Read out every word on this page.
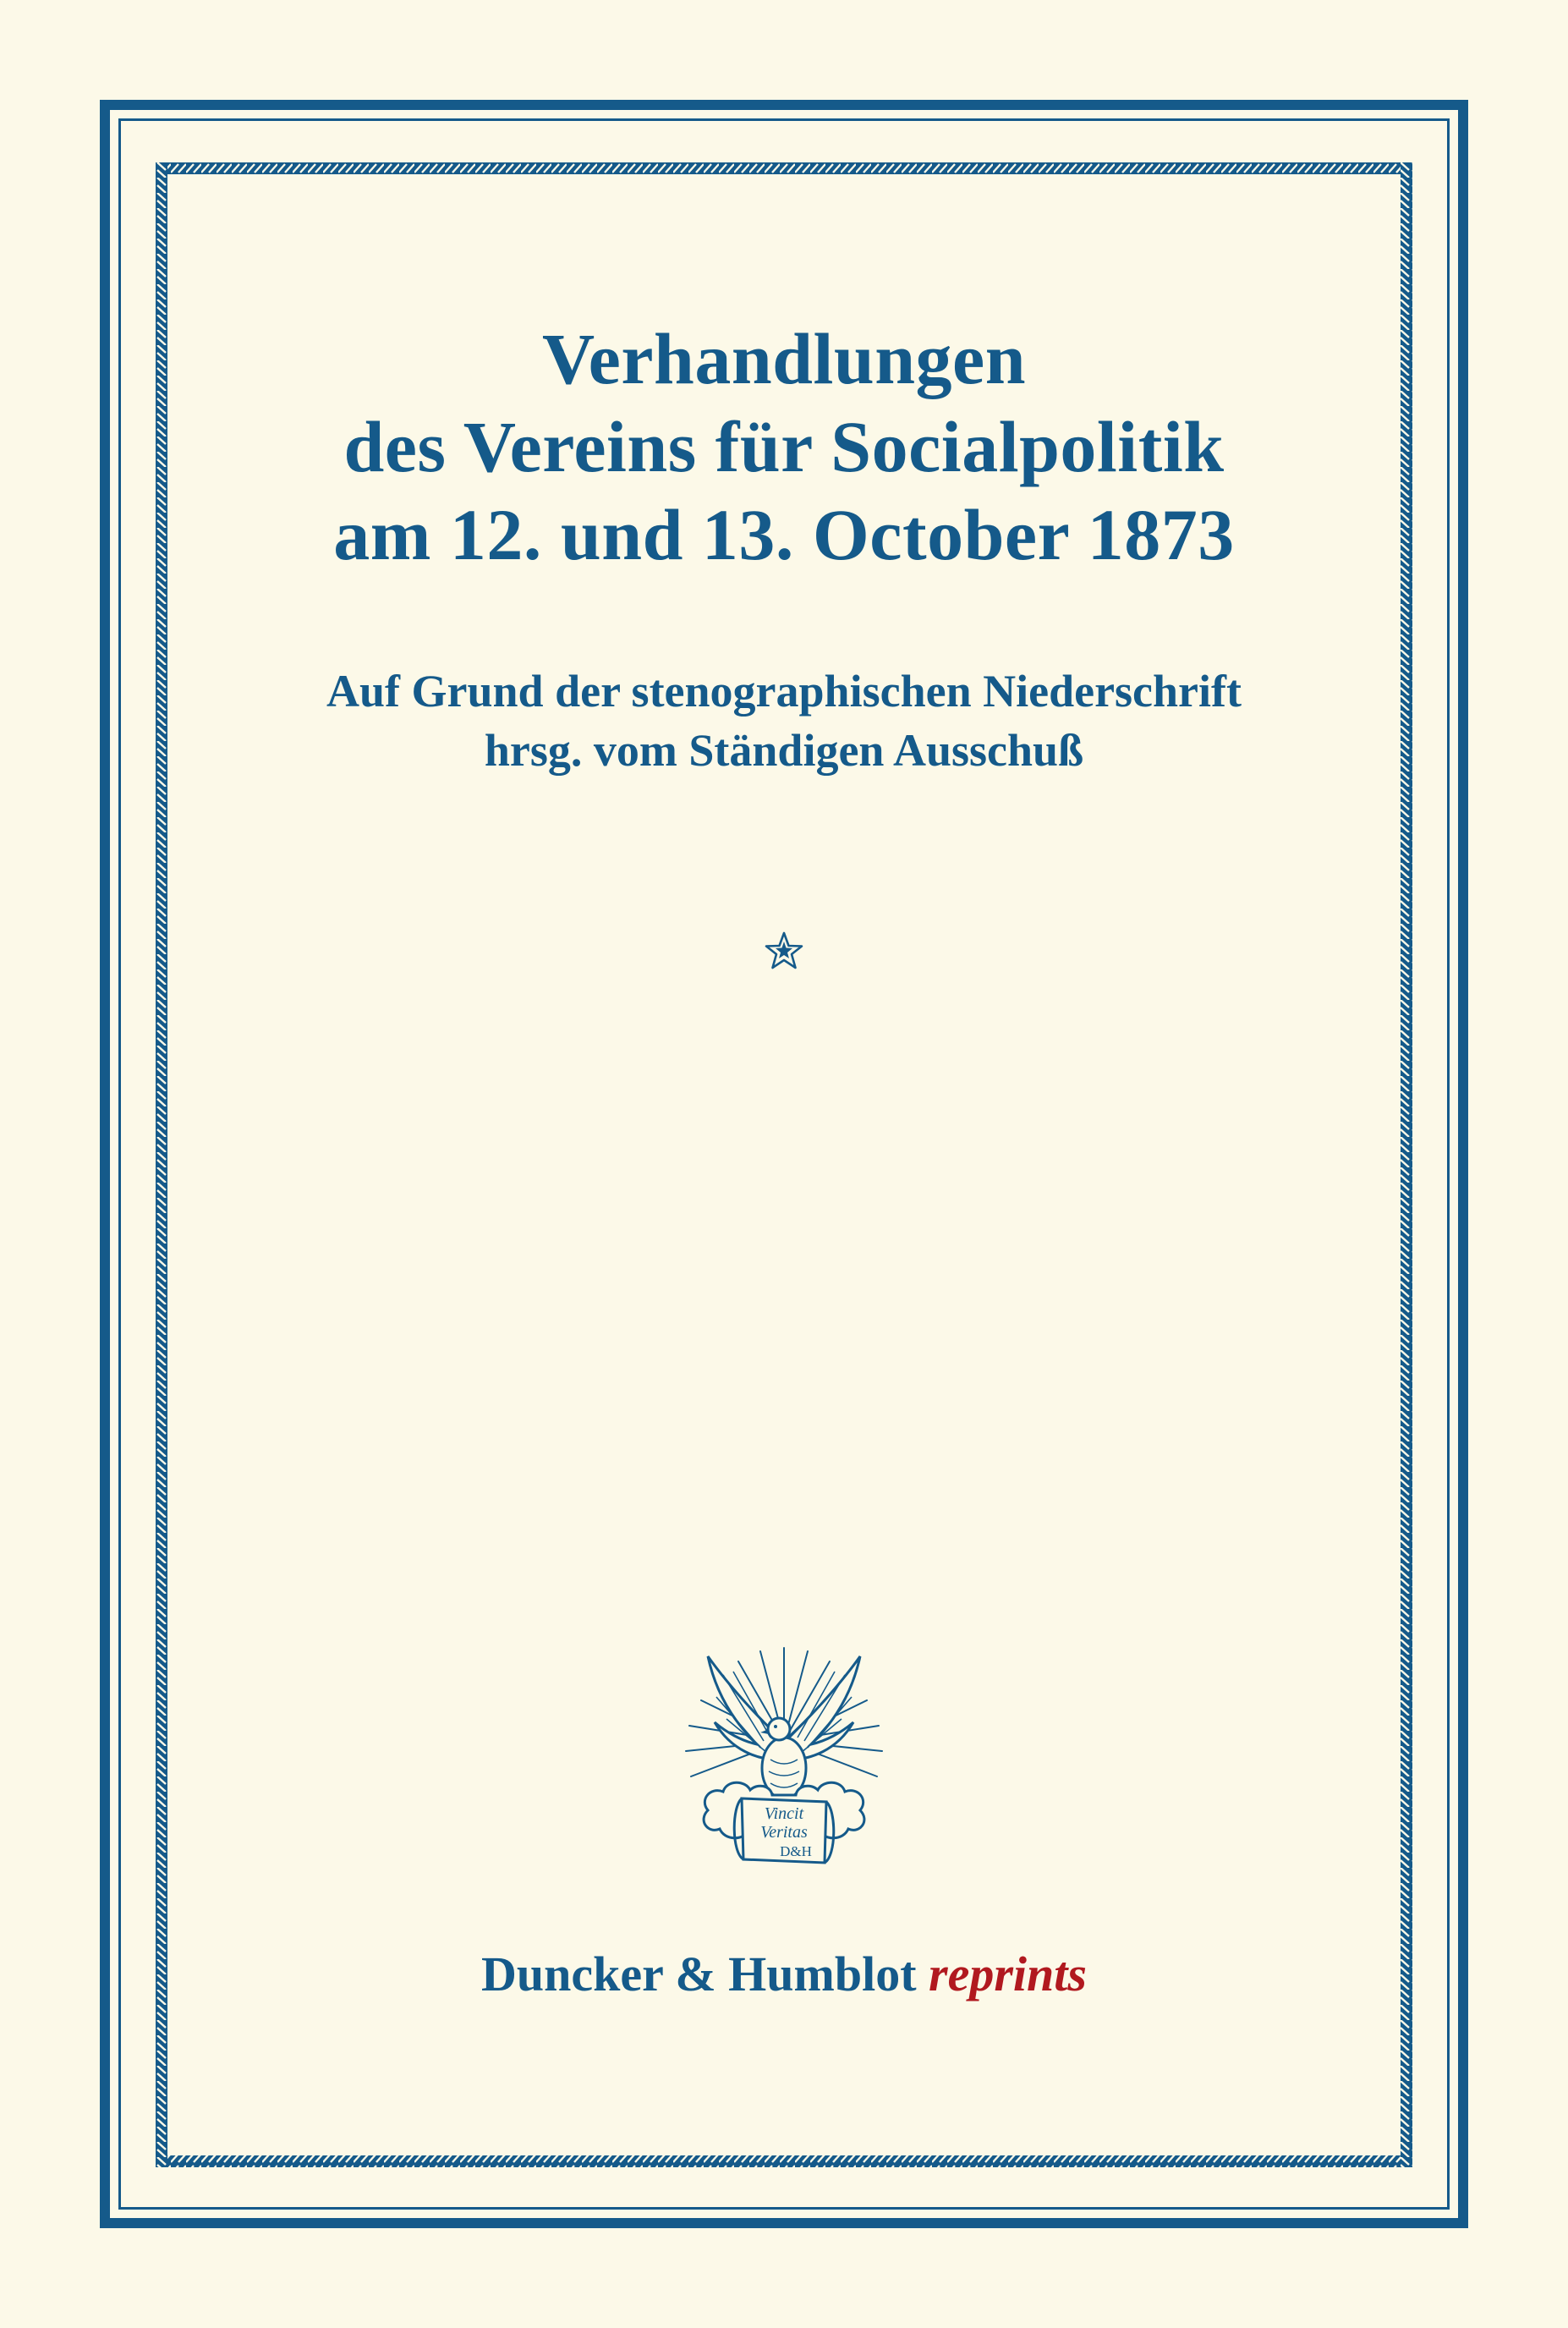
Verhandlungen
des Vereins für Socialpolitik
am 12. und 13. October 1873
Auf Grund der stenographischen Niederschrift
hrsg. vom Ständigen Ausschuß
Vincit
Veritas
D&H
Duncker & Humblot reprints
